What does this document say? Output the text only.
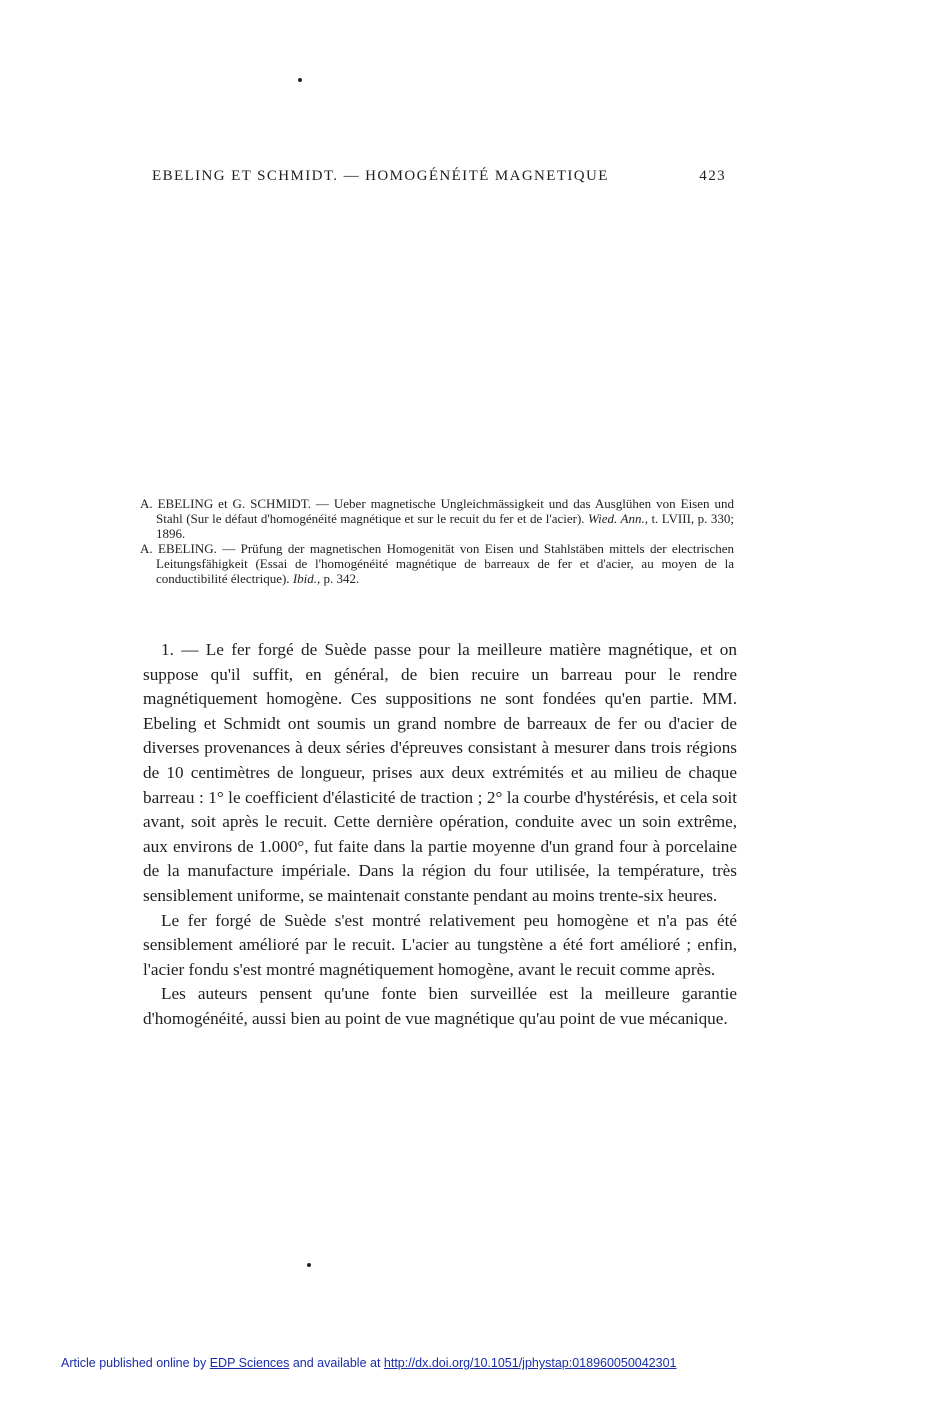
EBELING ET SCHMIDT. — HOMOGÉNÉITÉ MAGNETIQUE	423

A. EBELING et G. SCHMIDT. — Ueber magnetische Ungleichmässigkeit und das Ausglühen von Eisen und Stahl (Sur le défaut d'homogénéité magnétique et sur le recuit du fer et de l'acier). Wied. Ann., t. LVIII, p. 330; 1896.

A. EBELING. — Prüfung der magnetischen Homogenität von Eisen und Stahlstäben mittels der electrischen Leitungsfähigkeit (Essai de l'homogénéité magnétique de barreaux de fer et d'acier, au moyen de la conductibilité électrique). Ibid., p. 342.

1. — Le fer forgé de Suède passe pour la meilleure matière magnétique, et on suppose qu'il suffit, en général, de bien recuire un barreau pour le rendre magnétiquement homogène. Ces suppositions ne sont fondées qu'en partie. MM. Ebeling et Schmidt ont soumis un grand nombre de barreaux de fer ou d'acier de diverses provenances à deux séries d'épreuves consistant à mesurer dans trois régions de 10 centimètres de longueur, prises aux deux extrémités et au milieu de chaque barreau : 1° le coefficient d'élasticité de traction ; 2° la courbe d'hystérésis, et cela soit avant, soit après le recuit. Cette dernière opération, conduite avec un soin extrême, aux environs de 1.000°, fut faite dans la partie moyenne d'un grand four à porcelaine de la manufacture impériale. Dans la région du four utilisée, la température, très sensiblement uniforme, se maintenait constante pendant au moins trente-six heures.

Le fer forgé de Suède s'est montré relativement peu homogène et n'a pas été sensiblement amélioré par le recuit. L'acier au tungstène a été fort amélioré ; enfin, l'acier fondu s'est montré magnétiquement homogène, avant le recuit comme après.

Les auteurs pensent qu'une fonte bien surveillée est la meilleure garantie d'homogénéité, aussi bien au point de vue magnétique qu'au point de vue mécanique.

Article published online by EDP Sciences and available at http://dx.doi.org/10.1051/jphystap:018960050042301
